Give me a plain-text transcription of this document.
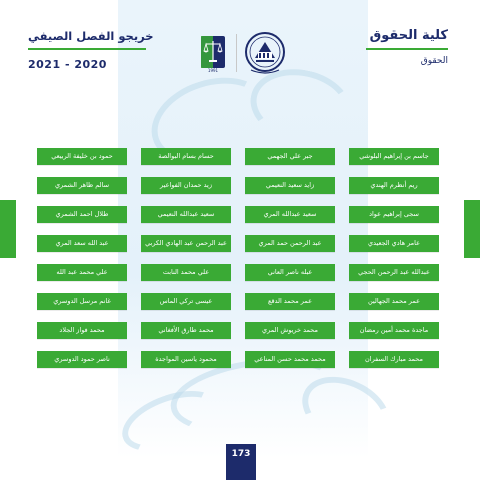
كلية الحقوق
الحقوق
خريجو الفصل الصيفي
2021 - 2020	1991
جاسم بن إبراهيم البلوشي
جبر علي الجهمي
حسام بسام البوالصة
حمود بن خليفة الربيعي
ريم أنظرم الهندي
زايد سعيد النعيمي
زيد حمدان الفواعير
سالم ظاهر الشمري
سجى إبراهيم عواد
سعيد عبدالله المري
سعيد عبدالله النعيمي
طلال احمد الشمري
عامر هادي الجعيدي
عبد الرحمن حمد المري
عبد الرحمن عبد الهادي الكربي
عبد الله سعد المري
عبدالله عبد الرحمن الحجي
عبله ناصر العاني
علي محمد النابت
علي محمد عبد الله
عمر محمد الجهالين
عمر محمد الدقع
عيسى تركي الماس
غانم مرسل الدوسري
ماجدة محمد أمين رمضان
محمد خريوش المري
محمد طارق الأفغاني
محمد فواز الجلاد
محمد مبارك السفران
محمد محمد حسن المناعي
محمود ياسين المواجدة
ناصر حمود الدوسري
173
